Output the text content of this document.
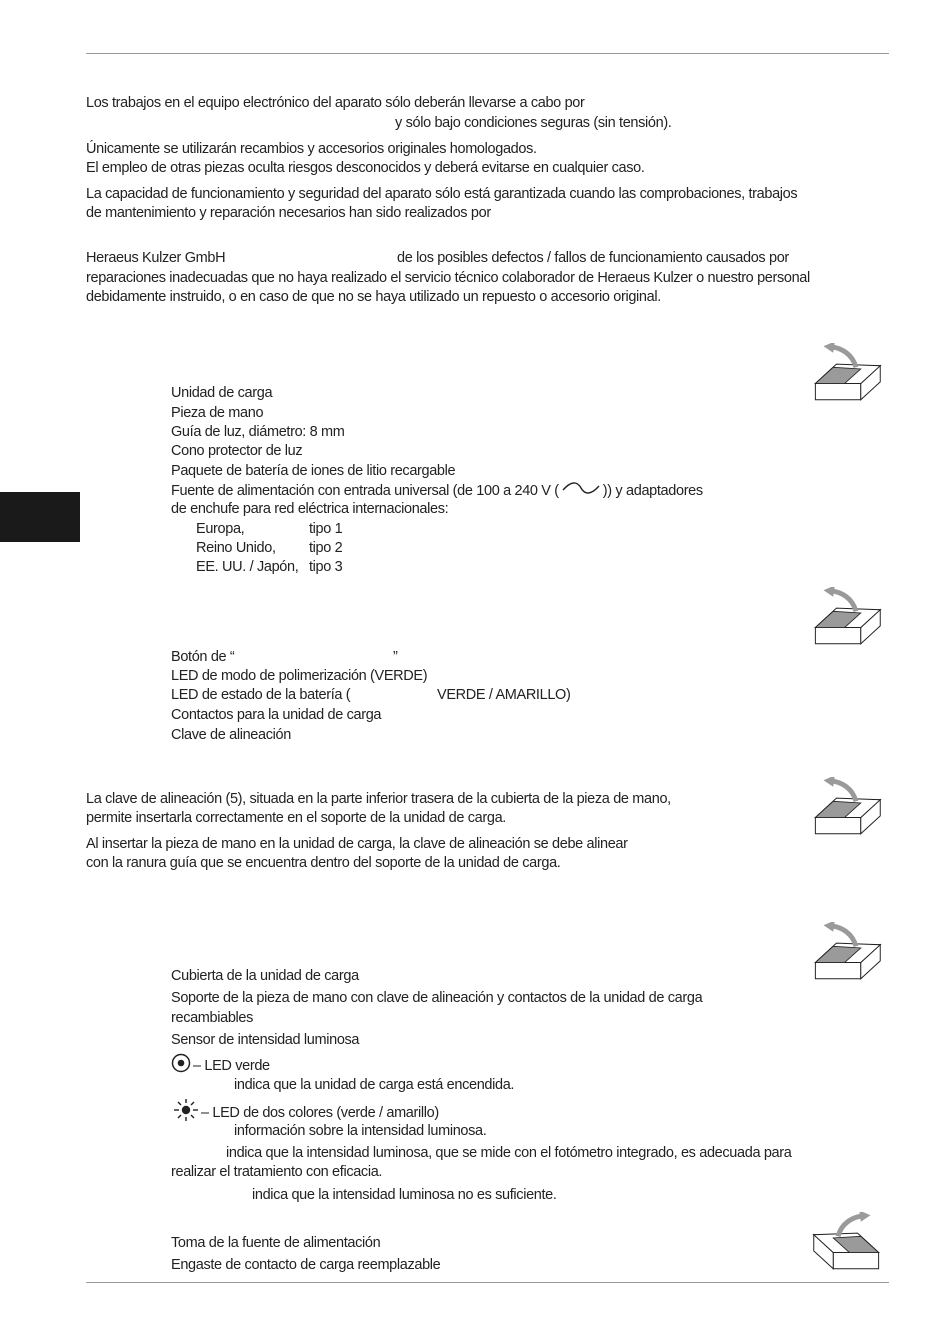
Los trabajos en el equipo electrónico del aparato sólo deberán llevarse a cabo por
y sólo bajo condiciones seguras (sin tensión).
Únicamente se utilizarán recambios y accesorios originales homologados.
El empleo de otras piezas oculta riesgos desconocidos y deberá evitarse en cualquier caso.
La capacidad de funcionamiento y seguridad del aparato sólo está garantizada cuando las comprobaciones, trabajos
de mantenimiento y reparación necesarios han sido realizados por
Heraeus Kulzer GmbH	de los posibles defectos / fallos de funcionamiento causados por
reparaciones inadecuadas que no haya realizado el servicio técnico colaborador de Heraeus Kulzer o nuestro personal
debidamente instruido, o en caso de que no se haya utilizado un repuesto o accesorio original.
Unidad de carga
Pieza de mano
Guía de luz, diámetro: 8 mm
Cono protector de luz
Paquete de batería de iones de litio recargable
Fuente de alimentación con entrada universal (de 100 a 240 V (	)) y adaptadores
de enchufe para red eléctrica internacionales:
Europa,	tipo 1
Reino Unido, tipo 2
EE. UU. / Japón, tipo 3
Botón de “	”
LED de modo de polimerización (VERDE)
LED de estado de la batería (	VERDE / AMARILLO)
Contactos para la unidad de carga
Clave de alineación
La clave de alineación (5), situada en la parte inferior trasera de la cubierta de la pieza de mano,
permite insertarla correctamente en el soporte de la unidad de carga.
Al insertar la pieza de mano en la unidad de carga, la clave de alineación se debe alinear
con la ranura guía que se encuentra dentro del soporte de la unidad de carga.
Cubierta de la unidad de carga
Soporte de la pieza de mano con clave de alineación y contactos de la unidad de carga
recambiables
Sensor de intensidad luminosa
– LED verde
indica que la unidad de carga está encendida.
– LED de dos colores (verde / amarillo)
información sobre la intensidad luminosa.
indica que la intensidad luminosa, que se mide con el fotómetro integrado, es adecuada para
realizar el tratamiento con eficacia.
indica que la intensidad luminosa no es suficiente.
Toma de la fuente de alimentación
Engaste de contacto de carga reemplazable
